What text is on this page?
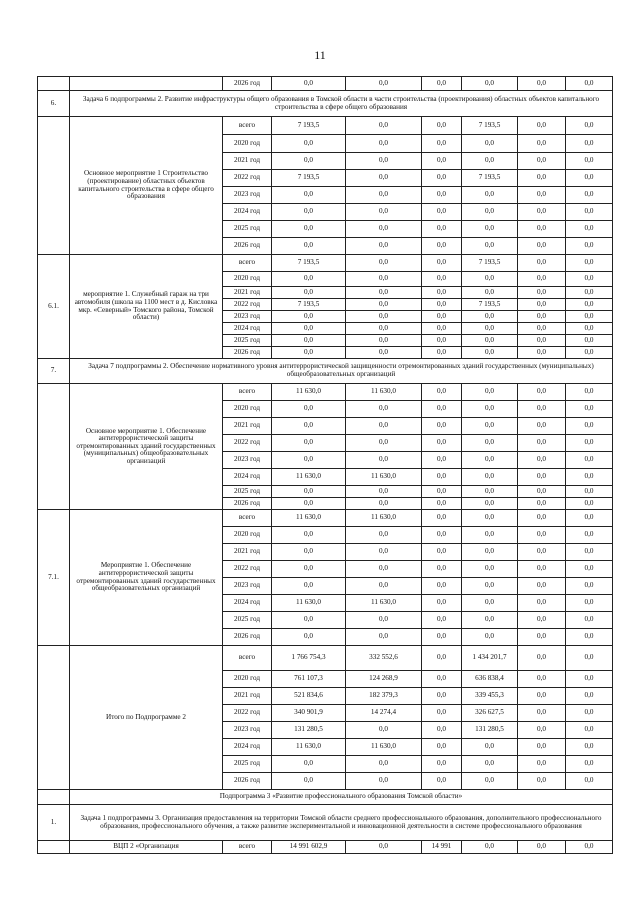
11
		2026 год	0,0	0,0	0,0	0,0	0,0	0,0
6.	Задача 6 подпрограммы 2. Развитие инфраструктуры общего образования в Томской области в части строительства (проектирования) областных объектов капитального строительства в сфере общего образования							
	Основное мероприятие 1 Строительство (проектирование) областных объектов капитального строительства в сфере общего образования	всего	7 193,5	0,0	0,0	7 193,5	0,0	0,0
		2020 год	0,0	0,0	0,0	0,0	0,0	0,0
		2021 год	0,0	0,0	0,0	0,0	0,0	0,0
		2022 год	7 193,5	0,0	0,0	7 193,5	0,0	0,0
		2023 год	0,0	0,0	0,0	0,0	0,0	0,0
		2024 год	0,0	0,0	0,0	0,0	0,0	0,0
		2025 год	0,0	0,0	0,0	0,0	0,0	0,0
		2026 год	0,0	0,0	0,0	0,0	0,0	0,0
6.1.	мероприятие 1. Служебный гараж на три автомобиля (школа на 1100 мест в д. Кисловка мкр. «Северный» Томского района, Томской области)	всего	7 193,5	0,0	0,0	7 193,5	0,0	0,0
		2020 год	0,0	0,0	0,0	0,0	0,0	0,0
		2021 год	0,0	0,0	0,0	0,0	0,0	0,0
		2022 год	7 193,5	0,0	0,0	7 193,5	0,0	0,0
		2023 год	0,0	0,0	0,0	0,0	0,0	0,0
		2024 год	0,0	0,0	0,0	0,0	0,0	0,0
		2025 год	0,0	0,0	0,0	0,0	0,0	0,0
		2026 год	0,0	0,0	0,0	0,0	0,0	0,0
7.	Задача 7 подпрограммы 2. Обеспечение нормативного уровня антитеррористической защищенности отремонтированных зданий государственных (муниципальных) общеобразовательных организаций							
	Основное мероприятие 1. Обеспечение антитеррористической защиты отремонтированных зданий государственных (муниципальных) общеобразовательных организаций	всего	11 630,0	11 630,0	0,0	0,0	0,0	0,0
		2020 год	0,0	0,0	0,0	0,0	0,0	0,0
		2021 год	0,0	0,0	0,0	0,0	0,0	0,0
		2022 год	0,0	0,0	0,0	0,0	0,0	0,0
		2023 год	0,0	0,0	0,0	0,0	0,0	0,0
		2024 год	11 630,0	11 630,0	0,0	0,0	0,0	0,0
		2025 год	0,0	0,0	0,0	0,0	0,0	0,0
		2026 год	0,0	0,0	0,0	0,0	0,0	0,0
7.1.	Мероприятие 1. Обеспечение антитеррористической защиты отремонтированных зданий государственных общеобразовательных организаций	всего	11 630,0	11 630,0	0,0	0,0	0,0	0,0
		2020 год	0,0	0,0	0,0	0,0	0,0	0,0
		2021 год	0,0	0,0	0,0	0,0	0,0	0,0
		2022 год	0,0	0,0	0,0	0,0	0,0	0,0
		2023 год	0,0	0,0	0,0	0,0	0,0	0,0
		2024 год	11 630,0	11 630,0	0,0	0,0	0,0	0,0
		2025 год	0,0	0,0	0,0	0,0	0,0	0,0
		2026 год	0,0	0,0	0,0	0,0	0,0	0,0
	Итого по Подпрограмме 2	всего	1 766 754,3	332 552,6	0,0	1 434 201,7	0,0	0,0
		2020 год	761 107,3	124 268,9	0,0	636 838,4	0,0	0,0
		2021 год	521 834,6	182 379,3	0,0	339 455,3	0,0	0,0
		2022 год	340 901,9	14 274,4	0,0	326 627,5	0,0	0,0
		2023 год	131 280,5	0,0	0,0	131 280,5	0,0	0,0
		2024 год	11 630,0	11 630,0	0,0	0,0	0,0	0,0
		2025 год	0,0	0,0	0,0	0,0	0,0	0,0
		2026 год	0,0	0,0	0,0	0,0	0,0	0,0
	Подпрограмма 3 «Развитие профессионального образования Томской области»							
1.	Задача 1 подпрограммы 3. Организация предоставления на территории Томской области среднего профессионального образования, дополнительного профессионального образования, профессионального обучения, а также развитие экспериментальной и инновационной деятельности в системе профессионального образования							
	ВЦП 2 «Организация	всего	14 991 602,9	0,0	14 991	0,0	0,0	0,0
